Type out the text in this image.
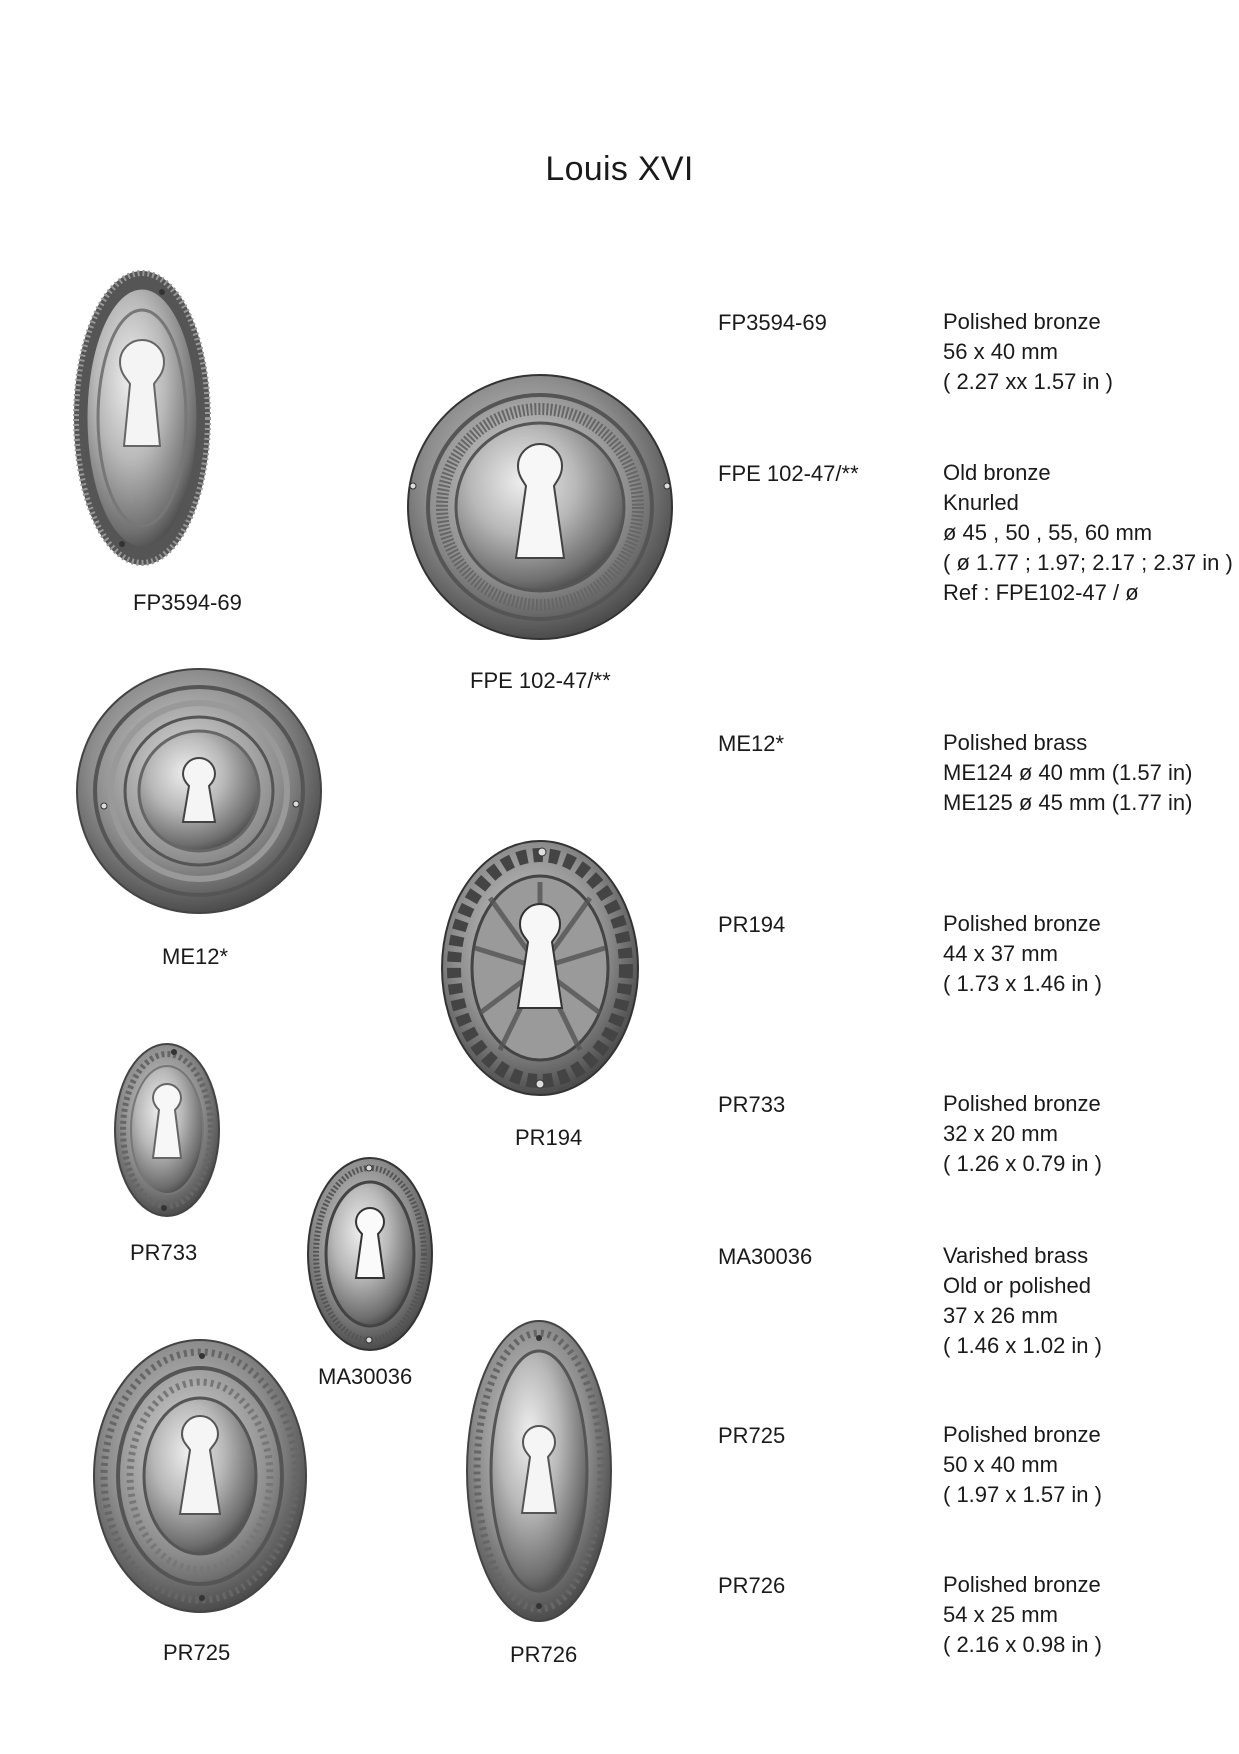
Louis XVI
FP3594-69
FPE 102-47/**
ME12*
PR194
PR733
MA30036
PR725	PR726
FP3594-69
FPE 102-47/**
ME12*
PR194
PR733
MA30036
PR725
PR726
Polished bronze
56 x 40 mm
( 2.27 xx 1.57 in )
Old bronze
Knurled
ø 45 , 50 , 55, 60 mm
( ø 1.77 ; 1.97; 2.17 ; 2.37 in )
Ref : FPE102-47 / ø
Polished brass
ME124 ø 40 mm (1.57 in)
ME125 ø 45 mm (1.77 in)
Polished bronze
44 x 37 mm
( 1.73 x 1.46 in )
Polished bronze
32 x 20 mm
( 1.26 x 0.79 in )
Varished brass
Old or polished
37 x 26 mm
( 1.46 x 1.02 in )
Polished bronze
50 x 40 mm
( 1.97 x 1.57 in )
Polished bronze
54 x 25 mm
( 2.16 x 0.98 in )
